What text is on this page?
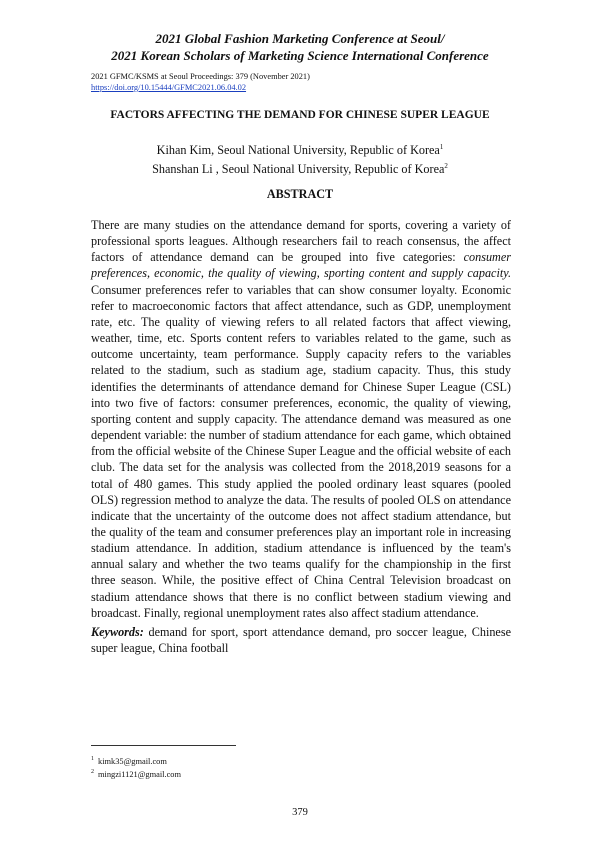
2021 Global Fashion Marketing Conference at Seoul/
2021 Korean Scholars of Marketing Science International Conference
2021 GFMC/KSMS at Seoul Proceedings: 379 (November 2021)
https://doi.org/10.15444/GFMC2021.06.04.02
FACTORS AFFECTING THE DEMAND FOR CHINESE SUPER LEAGUE
Kihan Kim, Seoul National University, Republic of Korea$^1$
Shanshan Li , Seoul National University, Republic of Korea$^2$
ABSTRACT

There are many studies on the attendance demand for sports, covering a variety of professional sports leagues. Although researchers fail to reach consensus, the affect factors of attendance demand can be grouped into five categories: consumer preferences, economic, the quality of viewing, sporting content and supply capacity. Consumer preferences refer to variables that can show consumer loyalty. Economic refer to macroeconomic factors that affect attendance, such as GDP, unemployment rate, etc. The quality of viewing refers to all related factors that affect viewing, weather, time, etc. Sports content refers to variables related to the game, such as outcome uncertainty, team performance. Supply capacity refers to the variables related to the stadium, such as stadium age, stadium capacity. Thus, this study identifies the determinants of attendance demand for Chinese Super League (CSL) into two five of factors: consumer preferences, economic, the quality of viewing, sporting content and supply capacity. The attendance demand was measured as one dependent variable: the number of stadium attendance for each game, which obtained from the official website of the Chinese Super League and the official website of each club. The data set for the analysis was collected from the 2018,2019 seasons for a total of 480 games. This study applied the pooled ordinary least squares (pooled OLS) regression method to analyze the data. The results of pooled OLS on attendance indicate that the uncertainty of the outcome does not affect stadium attendance, but the quality of the team and consumer preferences play an important role in increasing stadium attendance. In addition, stadium attendance is influenced by the team's annual salary and whether the two teams qualify for the championship in the first three season. While, the positive effect of China Central Television broadcast on stadium attendance shows that there is no conflict between stadium viewing and broadcast. Finally, regional unemployment rates also affect stadium attendance.

Keywords: demand for sport, sport attendance demand, pro soccer league, Chinese super league, China football

$^1$ kimk35@gmail.com
$^2$ mingzi1121@gmail.com
379
